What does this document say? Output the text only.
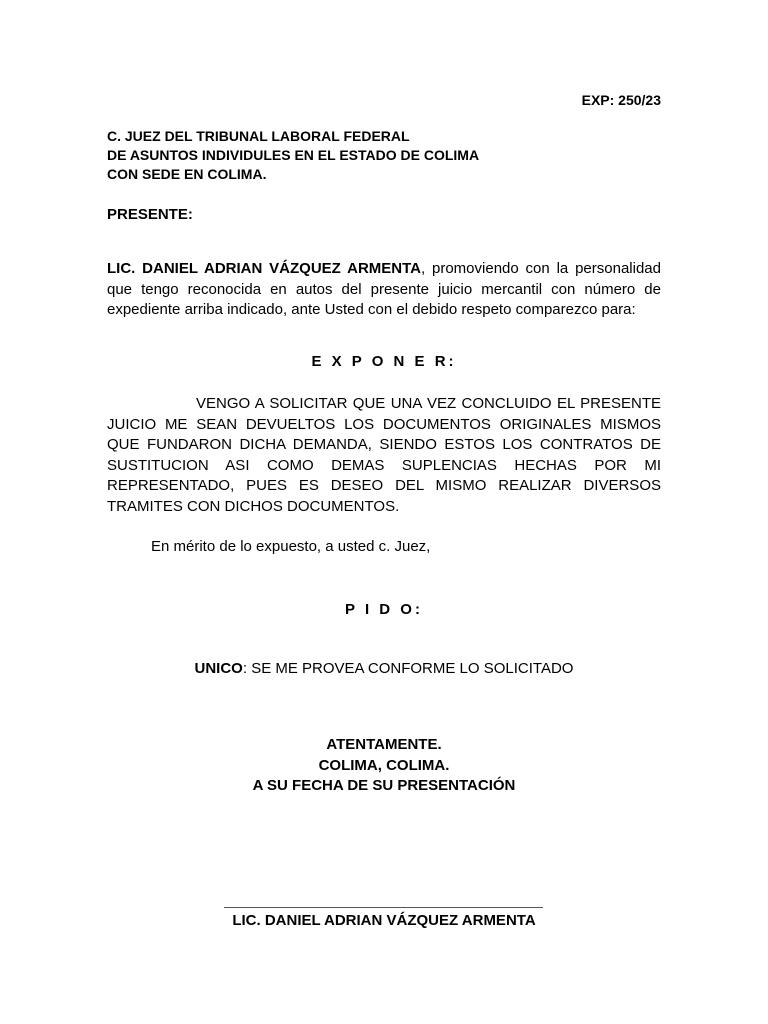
EXP: 250/23
C. JUEZ DEL TRIBUNAL LABORAL FEDERAL
DE ASUNTOS INDIVIDULES EN EL ESTADO DE COLIMA
CON SEDE EN COLIMA.
PRESENTE:
LIC. DANIEL ADRIAN VÁZQUEZ ARMENTA, promoviendo con la personalidad que tengo reconocida en autos del presente juicio mercantil con número de expediente arriba indicado, ante Usted con el debido respeto comparezco para:
E X P O N E R:
VENGO A SOLICITAR QUE UNA VEZ CONCLUIDO EL PRESENTE JUICIO ME SEAN DEVUELTOS LOS DOCUMENTOS ORIGINALES MISMOS QUE FUNDARON DICHA DEMANDA, SIENDO ESTOS LOS CONTRATOS DE SUSTITUCION ASI COMO DEMAS SUPLENCIAS HECHAS POR MI REPRESENTADO, PUES ES DESEO DEL MISMO REALIZAR DIVERSOS TRAMITES CON DICHOS DOCUMENTOS.
En mérito de lo expuesto, a usted c. Juez,
P I D O:
UNICO: SE ME PROVEA CONFORME LO SOLICITADO
ATENTAMENTE.
COLIMA, COLIMA.
A SU FECHA DE SU PRESENTACIÓN
LIC. DANIEL ADRIAN VÁZQUEZ ARMENTA
